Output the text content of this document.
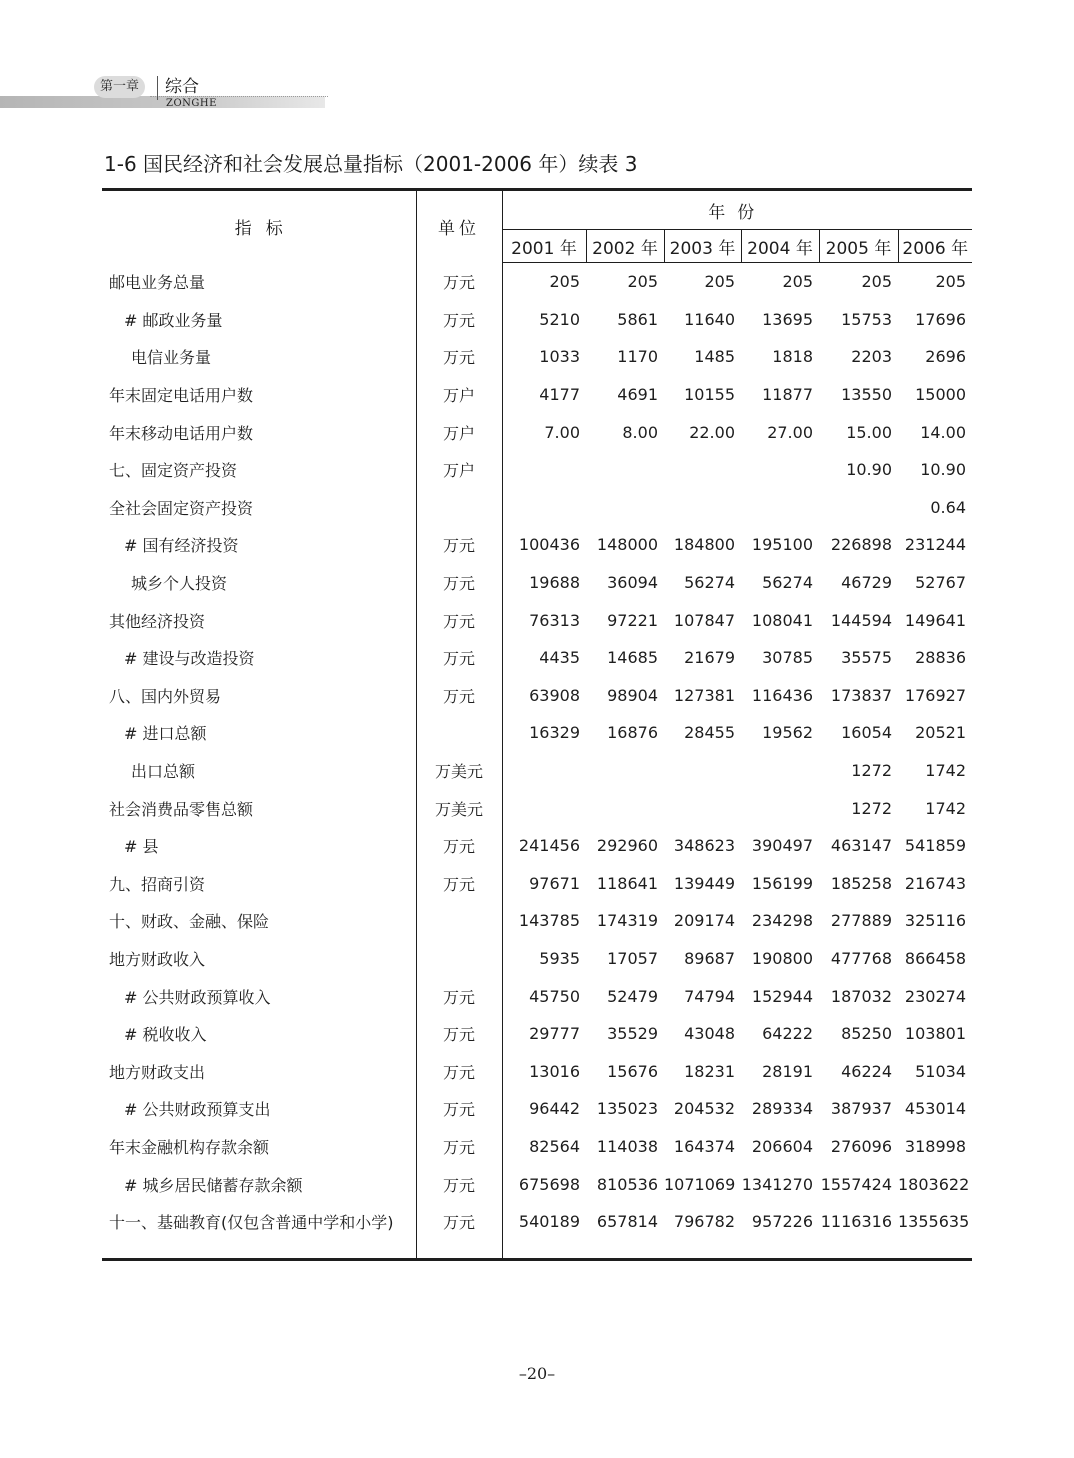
第一章	综合
ZONGHE
1-6 国民经济和社会发展总量指标（2001-2006 年）续表 3
指标	单位	年份					
		2001 年	2002 年	2003 年	2004 年	2005 年	2006 年
邮电业务总量	万元	205	205	205	205	205	205
# 邮政业务量	万元	5210	5861	11640	13695	15753	17696
电信业务量	万元	1033	1170	1485	1818	2203	2696
年末固定电话用户数	万户	4177	4691	10155	11877	13550	15000
年末移动电话用户数	万户	7.00	8.00	22.00	27.00	15.00	14.00
七、固定资产投资	万户					10.90	10.90
全社会固定资产投资							0.64
# 国有经济投资	万元	100436	148000	184800	195100	226898	231244
城乡个人投资	万元	19688	36094	56274	56274	46729	52767
其他经济投资	万元	76313	97221	107847	108041	144594	149641
# 建设与改造投资	万元	4435	14685	21679	30785	35575	28836
八、国内外贸易	万元	63908	98904	127381	116436	173837	176927
# 进口总额		16329	16876	28455	19562	16054	20521
出口总额	万美元					1272	1742
社会消费品零售总额	万美元					1272	1742
# 县	万元	241456	292960	348623	390497	463147	541859
九、招商引资	万元	97671	118641	139449	156199	185258	216743
十、财政、金融、保险		143785	174319	209174	234298	277889	325116
地方财政收入		5935	17057	89687	190800	477768	866458
# 公共财政预算收入	万元	45750	52479	74794	152944	187032	230274
# 税收收入	万元	29777	35529	43048	64222	85250	103801
地方财政支出	万元	13016	15676	18231	28191	46224	51034
# 公共财政预算支出	万元	96442	135023	204532	289334	387937	453014
年末金融机构存款余额	万元	82564	114038	164374	206604	276096	318998
# 城乡居民储蓄存款余额	万元	675698	810536	1071069	1341270	1557424	1803622
十一、基础教育(仅包含普通中学和小学)	万元	540189	657814	796782	957226	1116316	1355635

–20–
